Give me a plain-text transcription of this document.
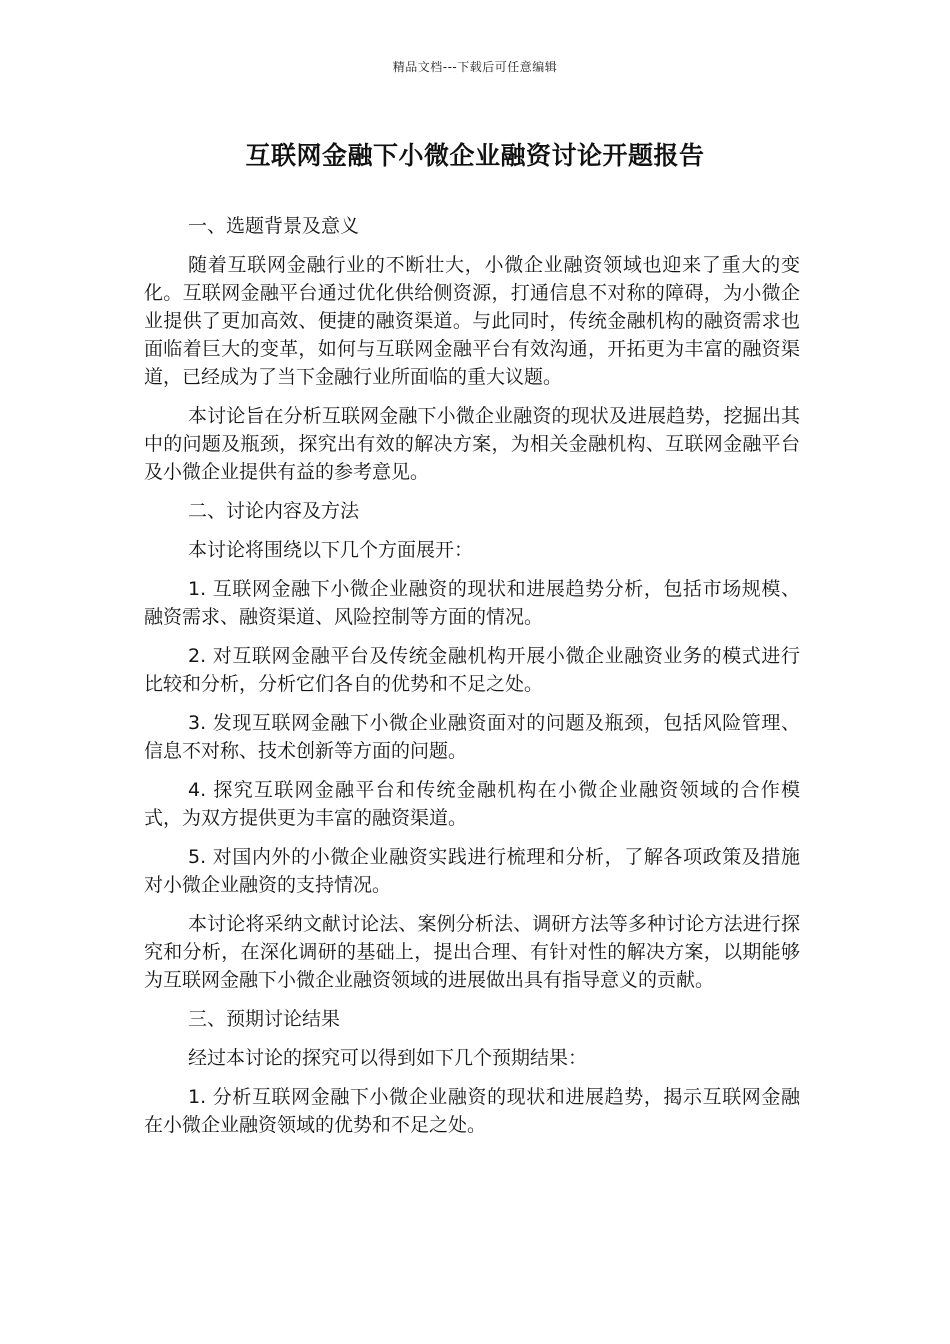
精品文档---下载后可任意编辑
互联网金融下小微企业融资讨论开题报告

一、选题背景及意义

随着互联网金融行业的不断壮大，小微企业融资领域也迎来了重大的变化。互联网金融平台通过优化供给侧资源，打通信息不对称的障碍，为小微企业提供了更加高效、便捷的融资渠道。与此同时，传统金融机构的融资需求也面临着巨大的变革，如何与互联网金融平台有效沟通，开拓更为丰富的融资渠道，已经成为了当下金融行业所面临的重大议题。

本讨论旨在分析互联网金融下小微企业融资的现状及进展趋势，挖掘出其中的问题及瓶颈，探究出有效的解决方案，为相关金融机构、互联网金融平台及小微企业提供有益的参考意见。

二、讨论内容及方法

本讨论将围绕以下几个方面展开：

1. 互联网金融下小微企业融资的现状和进展趋势分析，包括市场规模、融资需求、融资渠道、风险控制等方面的情况。

2. 对互联网金融平台及传统金融机构开展小微企业融资业务的模式进行比较和分析，分析它们各自的优势和不足之处。

3. 发现互联网金融下小微企业融资面对的问题及瓶颈，包括风险管理、信息不对称、技术创新等方面的问题。

4. 探究互联网金融平台和传统金融机构在小微企业融资领域的合作模式，为双方提供更为丰富的融资渠道。

5. 对国内外的小微企业融资实践进行梳理和分析，了解各项政策及措施对小微企业融资的支持情况。

本讨论将采纳文献讨论法、案例分析法、调研方法等多种讨论方法进行探究和分析，在深化调研的基础上，提出合理、有针对性的解决方案，以期能够为互联网金融下小微企业融资领域的进展做出具有指导意义的贡献。

三、预期讨论结果

经过本讨论的探究可以得到如下几个预期结果：

1. 分析互联网金融下小微企业融资的现状和进展趋势，揭示互联网金融在小微企业融资领域的优势和不足之处。
